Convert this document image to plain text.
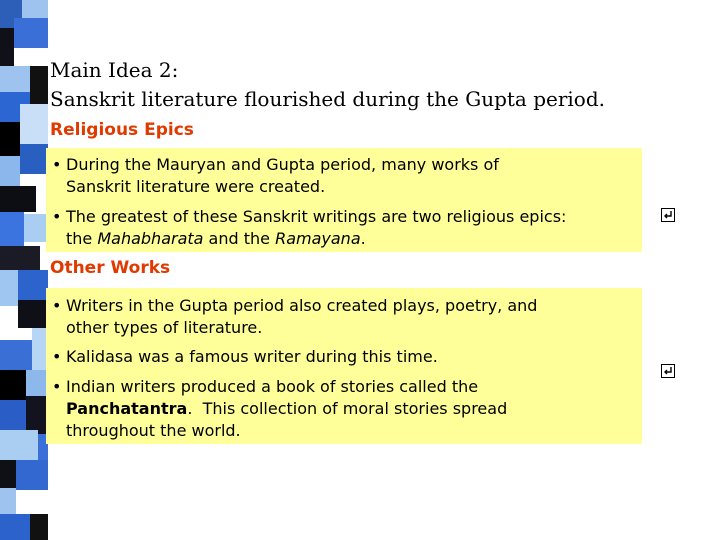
Main Idea 2:
Sanskrit literature flourished during the Gupta period.
Religious Epics
• During the Mauryan and Gupta period, many works of
Sanskrit literature were created.
• The greatest of these Sanskrit writings are two religious epics:
the Mahabharata and the Ramayana.
Other Works
• Writers in the Gupta period also created plays, poetry, and
other types of literature.
• Kalidasa was a famous writer during this time.
• Indian writers produced a book of stories called the
Panchatantra.  This collection of moral stories spread
throughout the world.
